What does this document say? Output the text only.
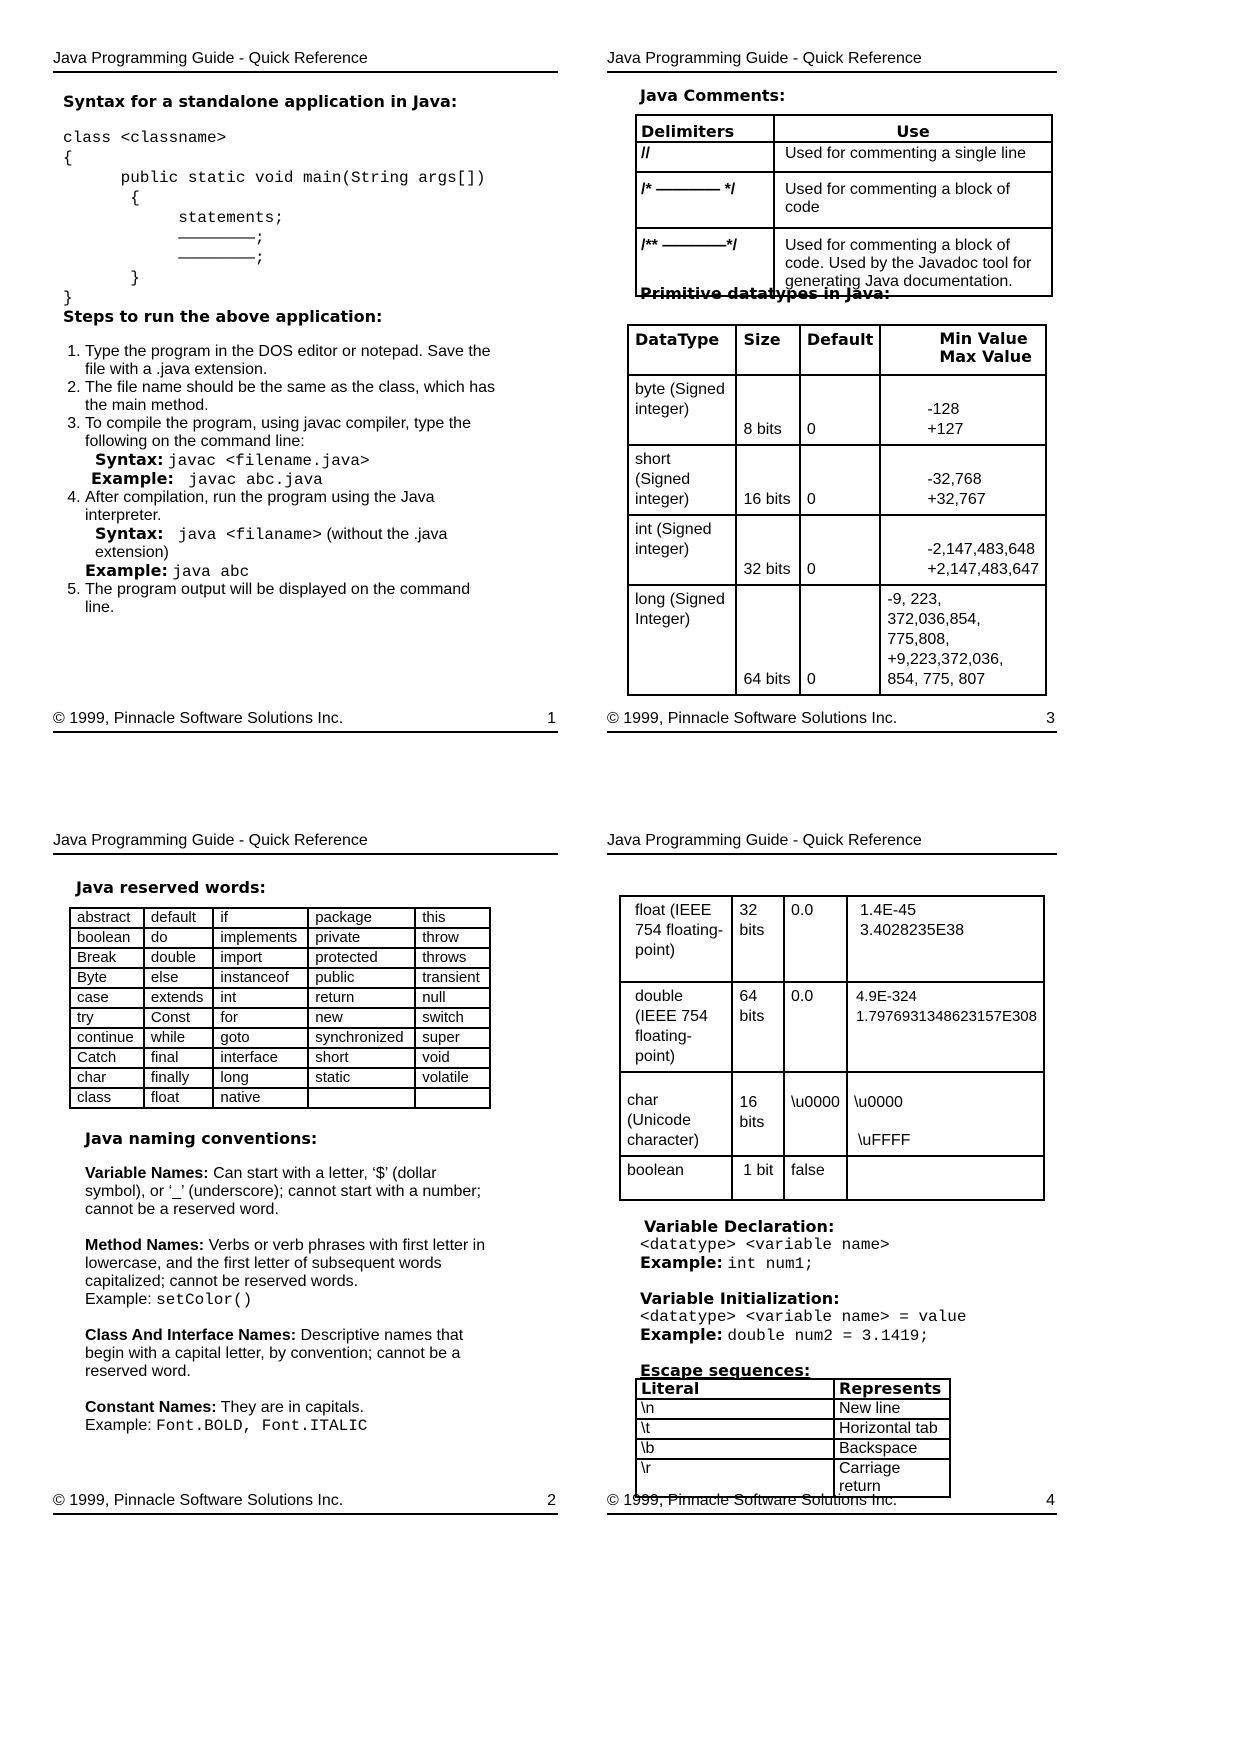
Java Programming Guide - Quick Reference
Syntax for a standalone application in Java:
class <classname>
{
public static void main(String args[])
{
statements;
————————;
————————;
}
}
Steps to run the above application:
1. Type the program in the DOS editor or notepad. Save the file with a .java extension.
2. The file name should be the same as the class, which has the main method.
3. To compile the program, using javac compiler, type the following on the command line:
Syntax: javac <filename.java>
Example: javac abc.java
4. After compilation, run the program using the Java interpreter.
Syntax: java <filaname> (without the .java extension)
Example: java abc
5. The program output will be displayed on the command line.
© 1999, Pinnacle Software Solutions Inc.	1
Java Programming Guide - Quick Reference
Java Comments:
Delimiters	Use
//	Used for commenting a single line
/* ———— */	Used for commenting a block of code
/** ————*/	Used for commenting a block of code. Used by the Javadoc tool for generating Java documentation.
Primitive datatypes in Java:
DataType	Size	Default	Min Value Max Value
byte (Signed integer)	8 bits	0	-128
+127

short (Signed integer)	16 bits	0	-32,768
+32,767

int (Signed integer)	32 bits	0	-2,147,483,648
+2,147,483,647

long (Signed Integer)	64 bits	0	-9, 223, 372,036,854, 775,808,
+9,223,372,036, 854, 775, 807
© 1999, Pinnacle Software Solutions Inc.	3
Java Programming Guide - Quick Reference
Java reserved words:
abstract	default	if	package	this
boolean	do	implements	private	throw
Break	double	import	protected	throws
Byte	else	instanceof	public	transient
case	extends	int	return	null
try	Const	for	new	switch
continue	while	goto	synchronized	super
Catch	final	interface	short	void
char	finally	long	static	volatile
class	float	native		
Java naming conventions:

Variable Names: Can start with a letter, ‘$’ (dollar symbol), or ‘_’ (underscore); cannot start with a number; cannot be a reserved word.

Method Names: Verbs or verb phrases with first letter in lowercase, and the first letter of subsequent words capitalized; cannot be reserved words.
Example: setColor()

Class And Interface Names: Descriptive names that begin with a capital letter, by convention; cannot be a reserved word.

Constant Names: They are in capitals.
Example: Font.BOLD, Font.ITALIC

© 1999, Pinnacle Software Solutions Inc.	2
Java Programming Guide - Quick Reference
float (IEEE 754 floating-point)	32 bits	0.0	1.4E-45
3.4028235E38

double (IEEE 754 floating-point)	64 bits	0.0	4.9E-324
1.7976931348623157E308

char (Unicode character)	16 bits	\u0000	\u0000
\uFFFF

boolean	1 bit	false	
Variable Declaration:
<datatype> <variable name>
Example: int num1;
Variable Initialization:
<datatype> <variable name> = value
Example: double num2 = 3.1419;
Escape sequences:
Literal	Represents
\n	New line
\t	Horizontal tab
\b	Backspace
\r	Carriage return
© 1999, Pinnacle Software Solutions Inc.	4
